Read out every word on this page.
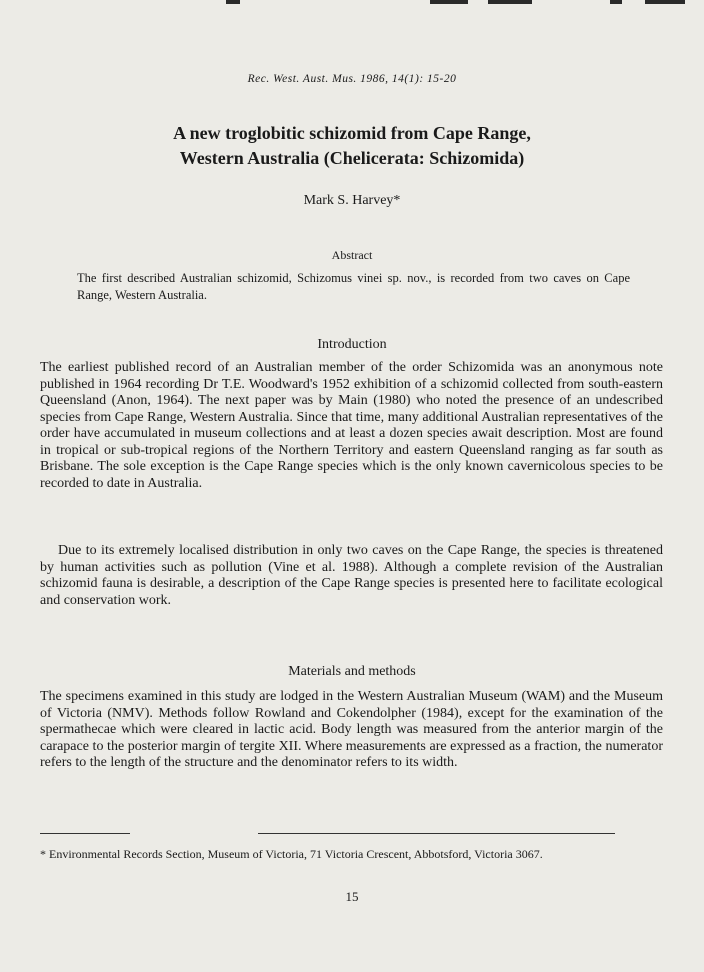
Rec. West. Aust. Mus. 1986, 14(1): 15-20
A new troglobitic schizomid from Cape Range,
Western Australia (Chelicerata: Schizomida)
Mark S. Harvey*
Abstract
The first described Australian schizomid, Schizomus vinei sp. nov., is recorded from two caves on Cape Range, Western Australia.
Introduction
The earliest published record of an Australian member of the order Schizomida was an anonymous note published in 1964 recording Dr T.E. Woodward's 1952 exhibition of a schizomid collected from south-eastern Queensland (Anon, 1964). The next paper was by Main (1980) who noted the presence of an undescribed species from Cape Range, Western Australia. Since that time, many additional Australian representatives of the order have accumulated in museum collections and at least a dozen species await description. Most are found in tropical or sub-tropical regions of the Northern Territory and eastern Queensland ranging as far south as Brisbane. The sole exception is the Cape Range species which is the only known cavernicolous species to be recorded to date in Australia.
Due to its extremely localised distribution in only two caves on the Cape Range, the species is threatened by human activities such as pollution (Vine et al. 1988). Although a complete revision of the Australian schizomid fauna is desirable, a description of the Cape Range species is presented here to facilitate ecological and conservation work.
Materials and methods
The specimens examined in this study are lodged in the Western Australian Museum (WAM) and the Museum of Victoria (NMV). Methods follow Rowland and Cokendolpher (1984), except for the examination of the spermathecae which were cleared in lactic acid. Body length was measured from the anterior margin of the carapace to the posterior margin of tergite XII. Where measurements are expressed as a fraction, the numerator refers to the length of the structure and the denominator refers to its width.
* Environmental Records Section, Museum of Victoria, 71 Victoria Crescent, Abbotsford, Victoria 3067.
15
